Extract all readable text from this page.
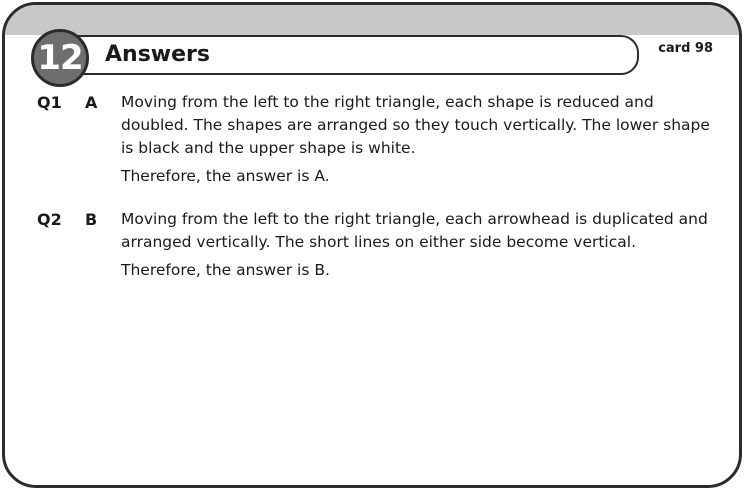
Answers
12	card 98
Q1 A Moving from the left to the right triangle, each shape is reduced and doubled. The shapes are arranged so they touch vertically. The lower shape is black and the upper shape is white.

Therefore, the answer is A.

Q2 B Moving from the left to the right triangle, each arrowhead is duplicated and arranged vertically. The short lines on either side become vertical.

Therefore, the answer is B.
